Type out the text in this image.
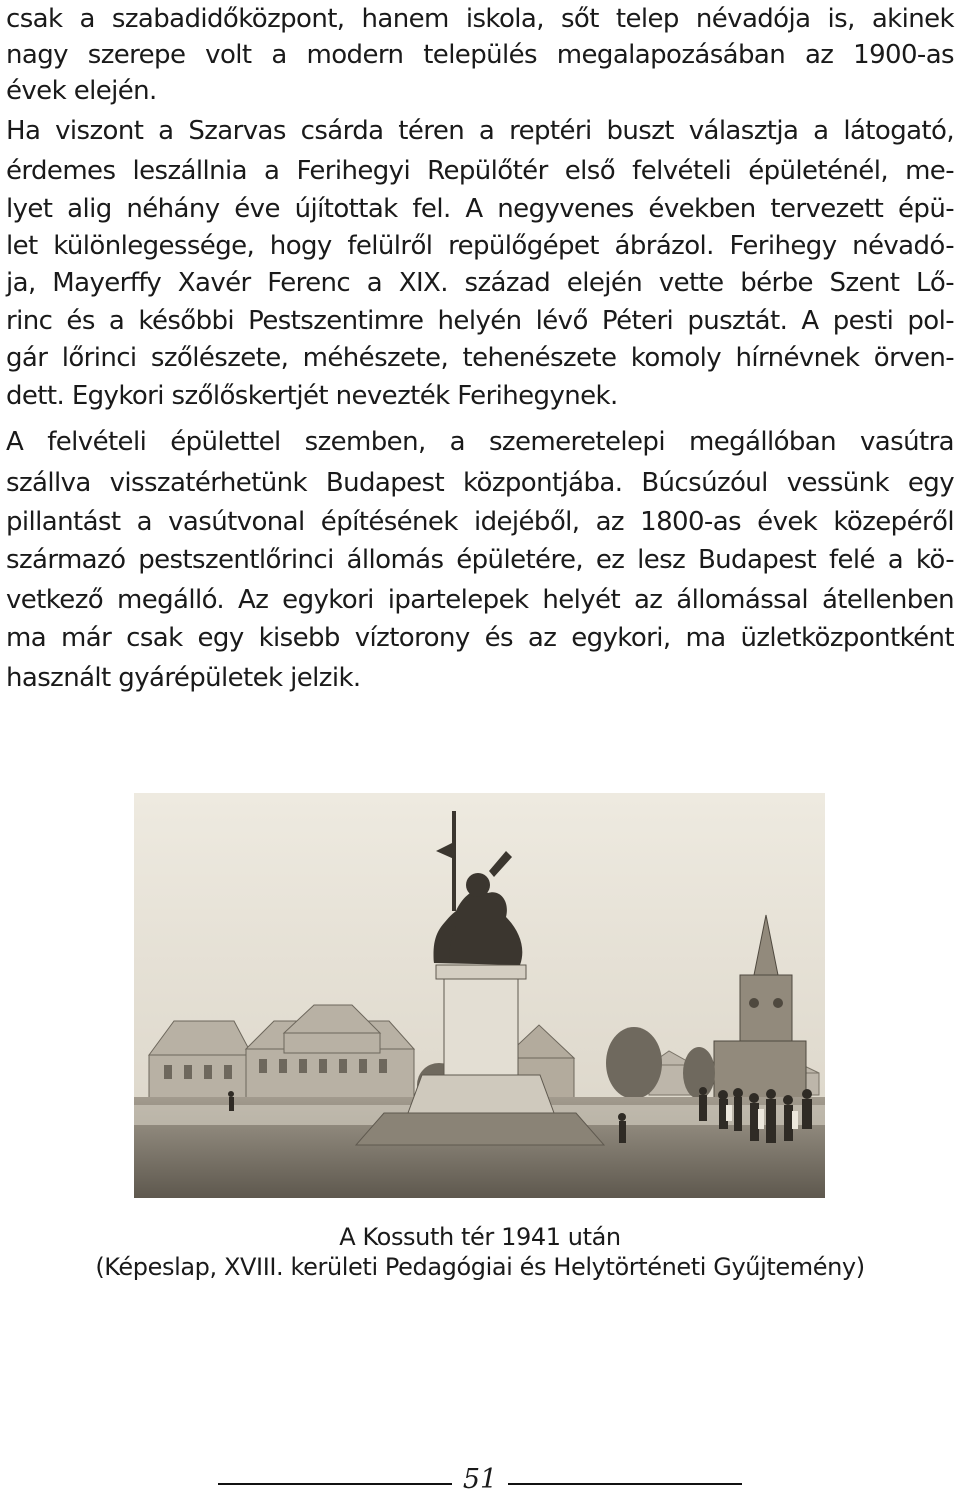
csak a szabadidőközpont, hanem iskola, sőt telep névadója is, akinek
nagy szerepe volt a modern település megalapozásában az 1900-as
évek elején.
Ha viszont a Szarvas csárda téren a reptéri buszt választja a látogató,
érdemes leszállnia a Ferihegyi Repülőtér első felvételi épületénél, me-
lyet alig néhány éve újítottak fel. A negyvenes években tervezett épü-
let különlegessége, hogy felülről repülőgépet ábrázol. Ferihegy névadó-
ja, Mayerffy Xavér Ferenc a XIX. század elején vette bérbe Szent Lő-
rinc és a későbbi Pestszentimre helyén lévő Péteri pusztát. A pesti pol-
gár lőrinci szőlészete, méhészete, tehenészete komoly hírnévnek örven-
dett. Egykori szőlőskertjét nevezték Ferihegynek.
A felvételi épülettel szemben, a szemeretelepi megállóban vasútra
szállva visszatérhetünk Budapest központjába. Búcsúzóul vessünk egy
pillantást a vasútvonal építésének idejéből, az 1800-as évek közepéről
származó pestszentlőrinci állomás épületére, ez lesz Budapest felé a kö-
vetkező megálló. Az egykori ipartelepek helyét az állomással átellenben
ma már csak egy kisebb víztorony és az egykori, ma üzletközpontként
használt gyárépületek jelzik.
A Kossuth tér 1941 után
(Képeslap, XVIII. kerületi Pedagógiai és Helytörténeti Gyűjtemény)
51
